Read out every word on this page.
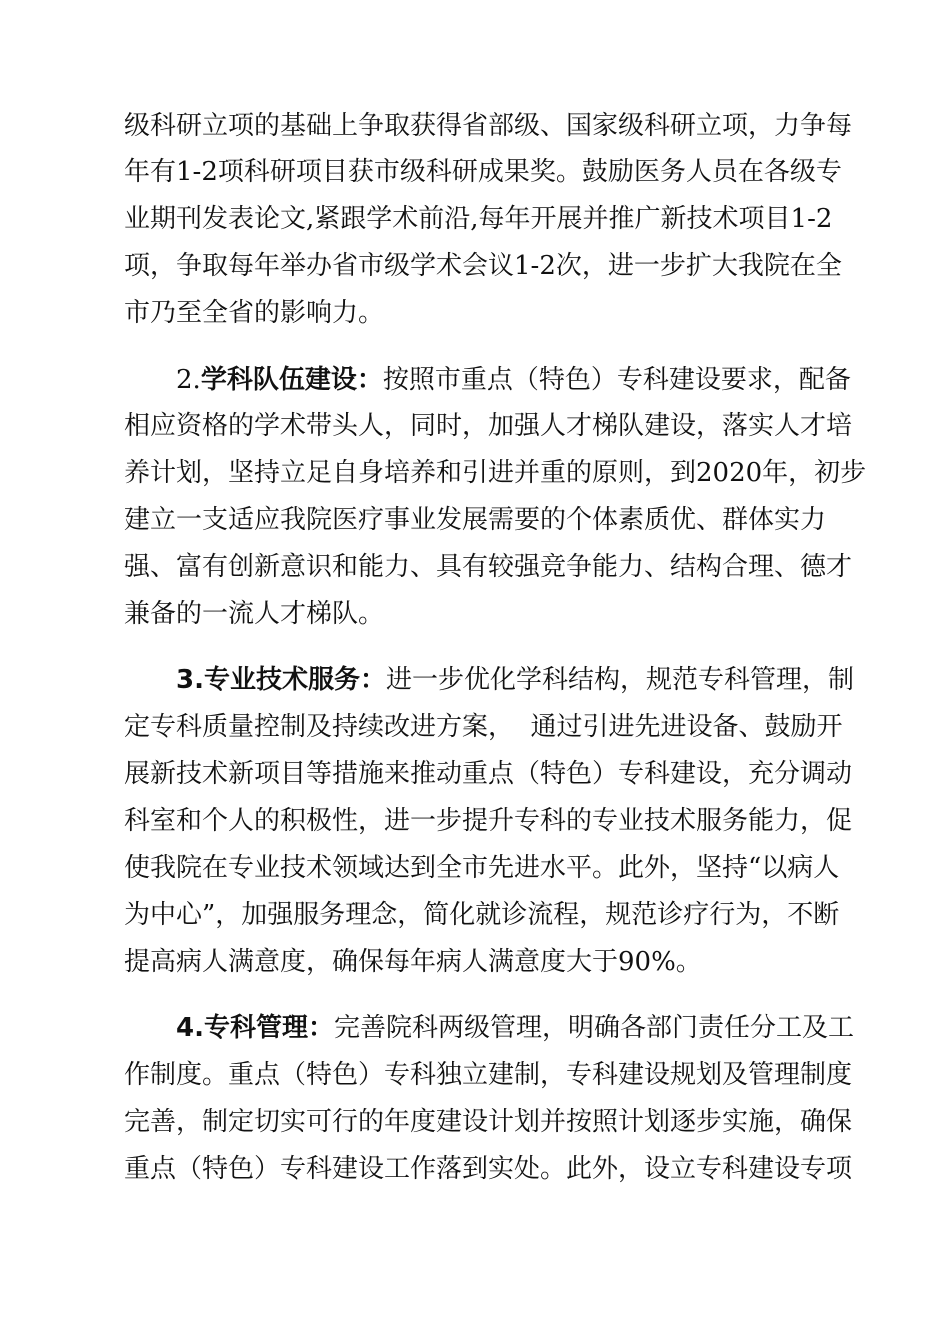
级科研立项的基础上争取获得省部级、国家级科研立项，力争每
年有1-2项科研项目获市级科研成果奖。鼓励医务人员在各级专
业期刊发表论文,紧跟学术前沿,每年开展并推广新技术项目1-2
项，争取每年举办省市级学术会议1-2次，进一步扩大我院在全
市乃至全省的影响力。
2.学科队伍建设：按照市重点（特色）专科建设要求，配备
相应资格的学术带头人，同时，加强人才梯队建设，落实人才培
养计划，坚持立足自身培养和引进并重的原则，到2020年，初步
建立一支适应我院医疗事业发展需要的个体素质优、群体实力
强、富有创新意识和能力、具有较强竞争能力、结构合理、德才
兼备的一流人才梯队。
3.专业技术服务：进一步优化学科结构，规范专科管理，制
定专科质量控制及持续改进方案，  通过引进先进设备、鼓励开
展新技术新项目等措施来推动重点（特色）专科建设，充分调动
科室和个人的积极性，进一步提升专科的专业技术服务能力，促
使我院在专业技术领域达到全市先进水平。此外，坚持“以病人
为中心”，加强服务理念，简化就诊流程，规范诊疗行为，不断
提高病人满意度，确保每年病人满意度大于90%。
4.专科管理：完善院科两级管理，明确各部门责任分工及工
作制度。重点（特色）专科独立建制，专科建设规划及管理制度
完善，制定切实可行的年度建设计划并按照计划逐步实施，确保
重点（特色）专科建设工作落到实处。此外，设立专科建设专项
